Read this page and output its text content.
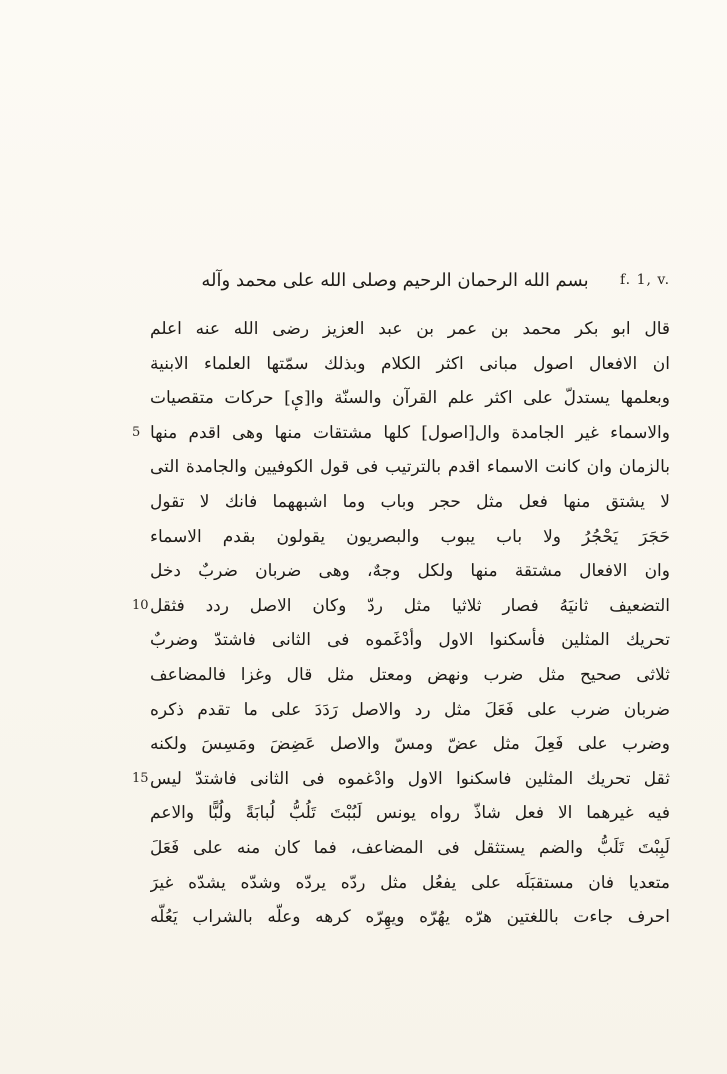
f. 1, v.
بسم الله الرحمان الرحيم وصلى الله على محمد وآله
قال ابو بكر محمد بن عمر بن عبد العزيز رضى الله عنه اعلم
ان الافعال اصول مبانى اكثر الكلام وبذلك سمّتها العلماء الابنية
وبعلمها يستدلّ على اكثر علم القرآن والسنّة وا[ىٕ] حركات متقصيات
والاسماء غير الجامدة وال[اصول] كلها مشتقات منها وهى اقدم منها
بالزمان وان كانت الاسماء اقدم بالترتيب فى قول الكوفيين والجامدة التى
لا يشتق منها فعل مثل حجر وباب وما اشبههما فانك لا تقول
حَجَرَ يَحْجُرُ ولا باب يبوب والبصريون يقولون بقدم الاسماء
وان الافعال مشتقة منها ولكل وجهٌ، وهى ضربان ضربٌ دخل
التضعيف ثانيَهُ فصار ثلاثيا مثل ردّ وكان الاصل ردد فثقل
تحريك المثلين فأسكنوا الاول وأدْغَموه فى الثانى فاشتدّ وضربٌ
ثلاثى صحيح مثل ضرب ونهض ومعتل مثل قال وغزا فالمضاعف
ضربان ضرب على فَعَلَ مثل رد والاصل رَدَدَ على ما تقدم ذكره
وضرب على فَعِلَ مثل عضّ ومسّ والاصل عَضِضَ ومَسِسَ ولكنه
ثقل تحريك المثلين فاسكنوا الاول وادْغموه فى الثانى فاشتدّ ليس
فيه غيرهما الا فعل شاذّ رواه يونس لَبُبْتَ تَلُبُّ لُبابَةً ولُبًّا والاعم
لَبِبْتَ تَلَبُّ والضم يستثقل فى المضاعف، فما كان منه على فَعَلَ
متعديا فان مستقبَلَه على يفعُل مثل ردّه يردّه وشدّه يشدّه غيرَ
احرف جاءت باللغتين هرّه يهُرّه ويهِرّه كرهه وعلّه بالشراب يَعُلّه
5
10
15
